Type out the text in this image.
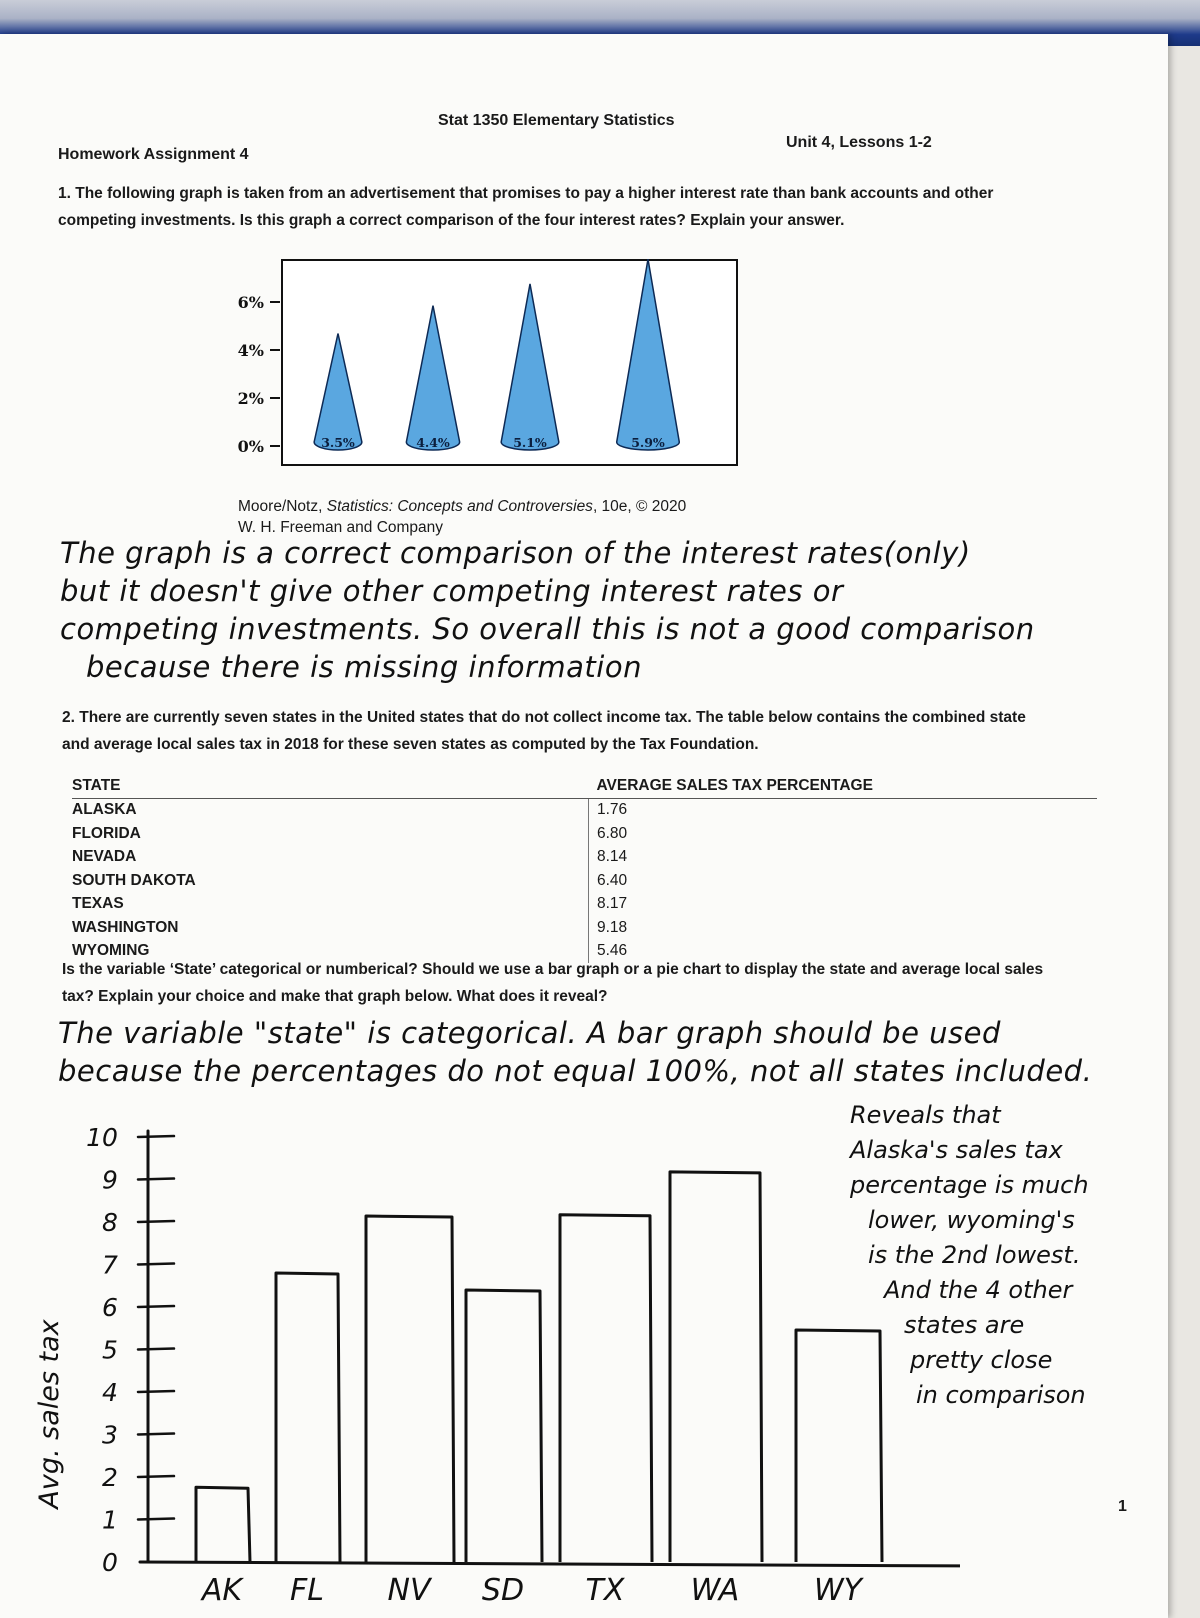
Stat 1350 Elementary Statistics
Homework Assignment 4
Unit 4, Lessons 1-2
1. The following graph is taken from an advertisement that promises to pay a higher interest rate than bank accounts and other
competing investments. Is this graph a correct comparison of the four interest rates? Explain your answer.
6%
4%
2%
0%	3.5%	4.4%	5.1%	5.9%
Moore/Notz, Statistics: Concepts and Controversies, 10e, © 2020
W. H. Freeman and Company
The graph is a correct comparison of the interest rates(only)
but it doesn't give other competing interest rates or
competing investments. So overall this is not a good comparison
because there is missing information
2. There are currently seven states in the United states that do not collect income tax. The table below contains the combined state
and average local sales tax in 2018 for these seven states as computed by the Tax Foundation.
STATE	AVERAGE SALES TAX PERCENTAGE
ALASKA	1.76
FLORIDA	6.80
NEVADA	8.14
SOUTH DAKOTA	6.40
TEXAS	8.17
WASHINGTON	9.18
WYOMING	5.46
Is the variable ‘State’ categorical or numberical? Should we use a bar graph or a pie chart to display the state and average local sales
tax? Explain your choice and make that graph below. What does it reveal?
The variable "state" is categorical. A bar graph should be used
because the percentages do not equal 100%, not all states included.
Avg. sales tax
0
1
2
3
4
5
6
7
8
9
10
AK FL NV SD TX WA WY
Reveals that
Alaska's sales tax
percentage is much
lower, wyoming's
is the 2nd lowest.
And the 4 other
states are
pretty close
in comparison
1
